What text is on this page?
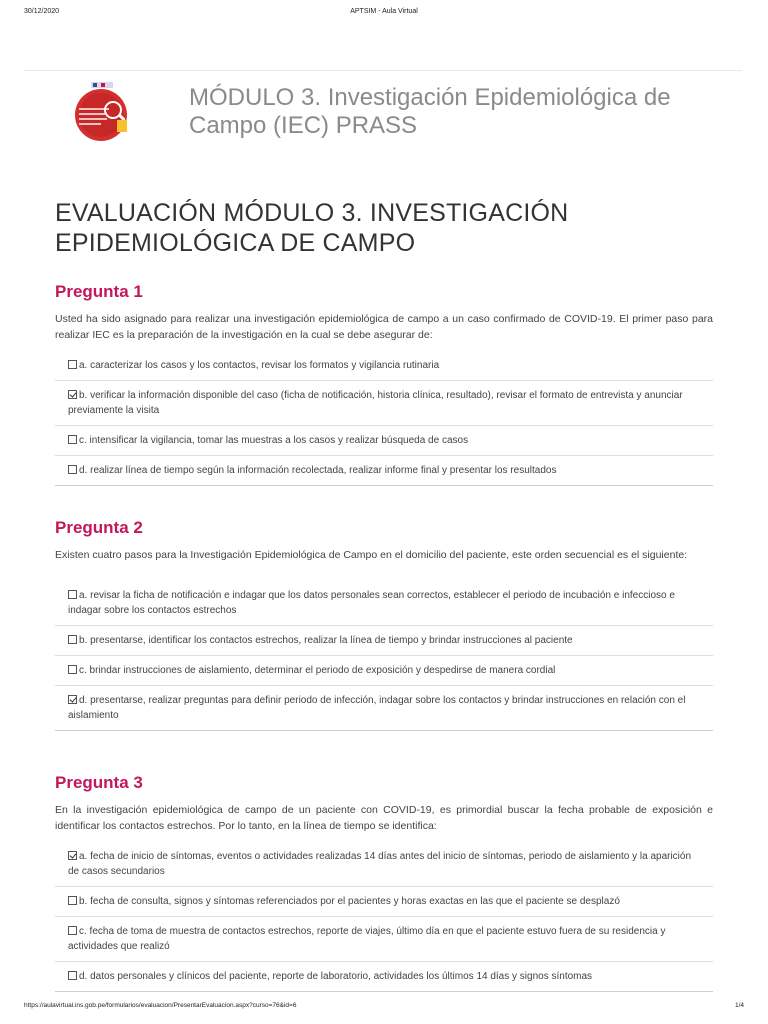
30/12/2020	APTSIM - Aula Virtual
MÓDULO 3. Investigación Epidemiológica de Campo (IEC) PRASS
EVALUACIÓN MÓDULO 3. INVESTIGACIÓN EPIDEMIOLÓGICA DE CAMPO
Pregunta 1
Usted ha sido asignado para realizar una investigación epidemiológica de campo a un caso confirmado de COVID-19. El primer paso para realizar IEC es la preparación de la investigación en la cual se debe asegurar de:
a. caracterizar los casos y los contactos, revisar los formatos y vigilancia rutinaria
b. verificar la información disponible del caso (ficha de notificación, historia clínica, resultado), revisar el formato de entrevista y anunciar previamente la visita
c. intensificar la vigilancia, tomar las muestras a los casos y realizar búsqueda de casos
d. realizar línea de tiempo según la información recolectada, realizar informe final y presentar los resultados
Pregunta 2
Existen cuatro pasos para la Investigación Epidemiológica de Campo en el domicilio del paciente, este orden secuencial es el siguiente:
a. revisar la ficha de notificación e indagar que los datos personales sean correctos, establecer el periodo de incubación e infeccioso e indagar sobre los contactos estrechos
b. presentarse, identificar los contactos estrechos, realizar la línea de tiempo y brindar instrucciones al paciente
c. brindar instrucciones de aislamiento, determinar el periodo de exposición y despedirse de manera cordial
d. presentarse, realizar preguntas para definir periodo de infección, indagar sobre los contactos y brindar instrucciones en relación con el aislamiento
Pregunta 3
En la investigación epidemiológica de campo de un paciente con COVID-19, es primordial buscar la fecha probable de exposición e identificar los contactos estrechos. Por lo tanto, en la línea de tiempo se identifica:
a. fecha de inicio de síntomas, eventos o actividades realizadas 14 días antes del inicio de síntomas, periodo de aislamiento y la aparición de casos secundarios
b. fecha de consulta, signos y síntomas referenciados por el pacientes y horas exactas en las que el paciente se desplazó
c. fecha de toma de muestra de contactos estrechos, reporte de viajes, último día en que el paciente estuvo fuera de su residencia y actividades que realizó
d. datos personales y clínicos del paciente, reporte de laboratorio, actividades los últimos 14 días y signos síntomas
https://aulavirtual.ins.gob.pe/formularios/evaluacion/PresentarEvaluacion.aspx?curso=76&id=6	1/4
